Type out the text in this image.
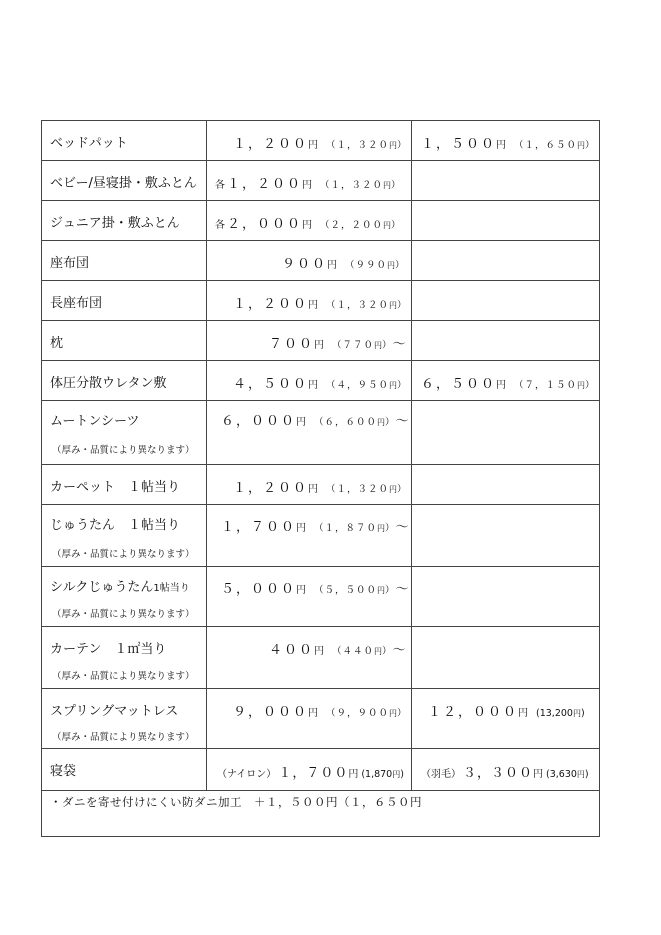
ベッドパット	１，２００円 （１，３２０円）	１，５００円 （１，６５０円）

ベビー/昼寝掛・敷ふとん	各 １，２００円 （１，３２０円）	

ジュニア掛・敷ふとん	各 ２，０００円 （２，２００円）	

座布団	９００円 （９９０円）	

長座布団	１，２００円 （１，３２０円）	

枕	７００円 （７７０円）〜	

体圧分散ウレタン敷	４，５００円 （４，９５０円）	６，５００円 （７，１５０円）

ムートンシーツ
（厚み・品質により異なります）	６，０００円 （６，６００円）〜	

カーペット　１帖当り	１，２００円 （１，３２０円）	

じゅうたん　１帖当り
（厚み・品質により異なります）	１，７００円 （１，８７０円）〜	

シルクじゅうたん1帖当り
（厚み・品質により異なります）	５，０００円 （５，５００円）〜	

カーテン　１㎡当り
（厚み・品質により異なります）	４００円 （４４０円）〜	

スプリングマットレス
（厚み・品質により異なります）	９，０００円 （９，９００円）	１２，０００円 (13,200円)

寝袋	（ナイロン） １，７００円 (1,870円)	（羽毛） ３，３００円 (3,630円)

・ダニを寄せ付けにくい防ダニ加工　＋１，５００円（１，６５０円		
